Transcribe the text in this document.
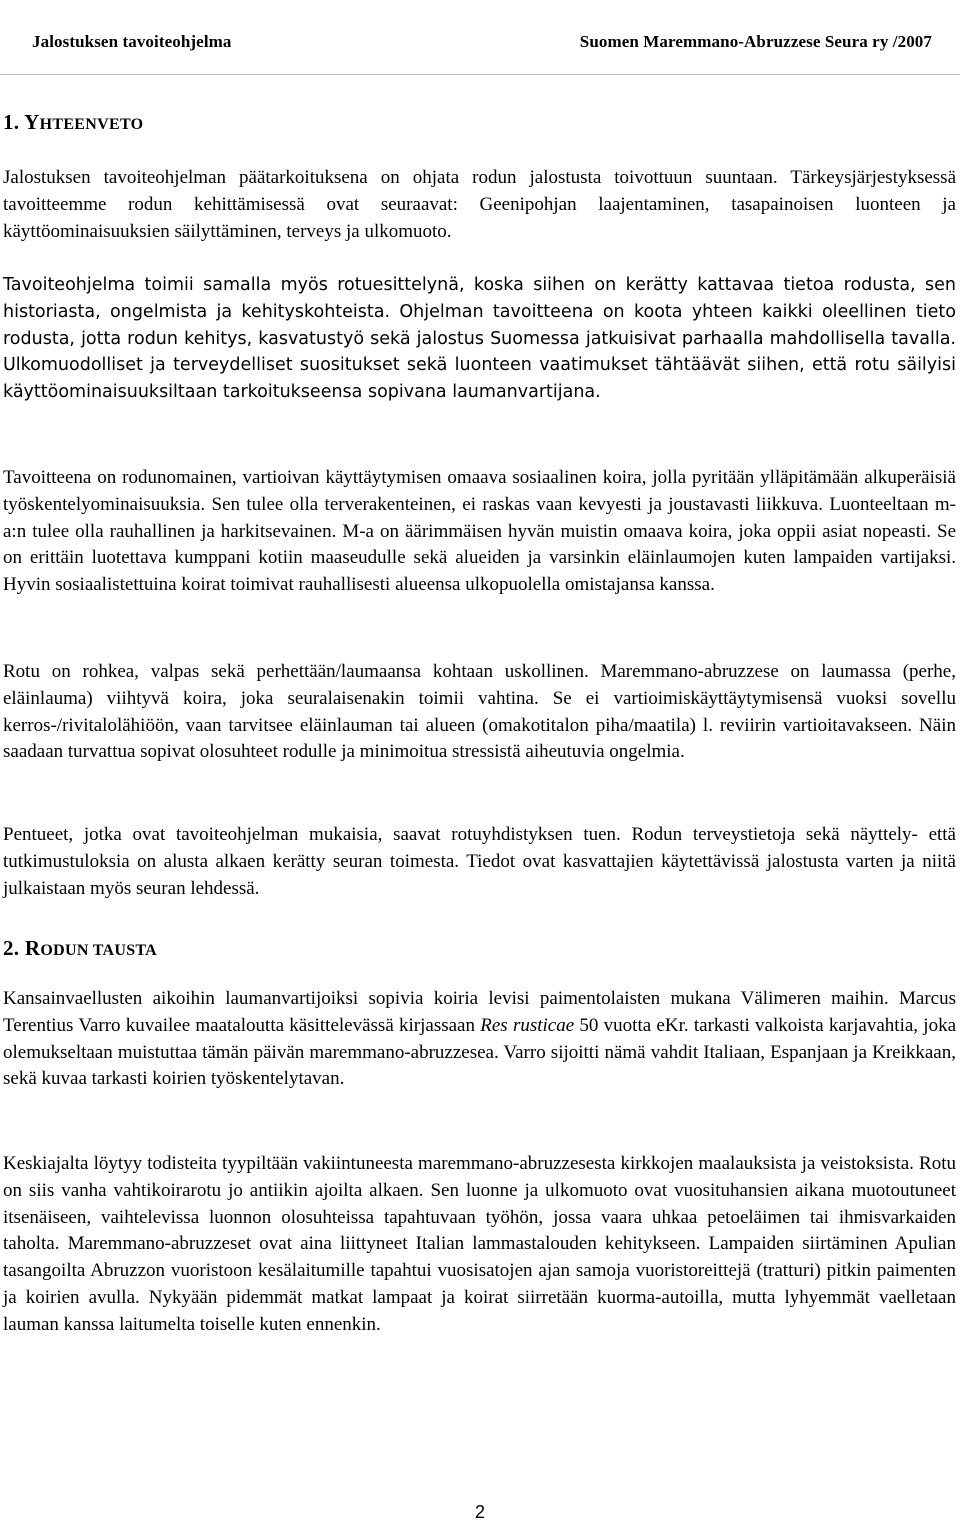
Jalostuksen tavoiteohjelma	Suomen Maremmano-Abruzzese Seura ry /2007
1. YHTEENVETO
Jalostuksen tavoiteohjelman päätarkoituksena on ohjata rodun jalostusta toivottuun suuntaan. Tärkeysjärjestyksessä tavoitteemme rodun kehittämisessä ovat seuraavat: Geenipohjan laajentaminen, tasapainoisen luonteen ja käyttöominaisuuksien säilyttäminen, terveys ja ulkomuoto.
Tavoiteohjelma toimii samalla myös rotuesittelynä, koska siihen on kerätty kattavaa tietoa rodusta, sen historiasta, ongelmista ja kehityskohteista. Ohjelman tavoitteena on koota yhteen kaikki oleellinen tieto rodusta, jotta rodun kehitys, kasvatustyö sekä jalostus Suomessa jatkuisivat parhaalla mahdollisella tavalla. Ulkomuodolliset ja terveydelliset suositukset sekä luonteen vaatimukset tähtäävät siihen, että rotu säilyisi käyttöominaisuuksiltaan tarkoitukseensa sopivana laumanvartijana.
Tavoitteena on rodunomainen, vartioivan käyttäytymisen omaava sosiaalinen koira, jolla pyritään ylläpitämään alkuperäisiä työskentelyominaisuuksia. Sen tulee olla terverakenteinen, ei raskas vaan kevyesti ja joustavasti liikkuva. Luonteeltaan m-a:n tulee olla rauhallinen ja harkitsevainen. M-a on äärimmäisen hyvän muistin omaava koira, joka oppii asiat nopeasti. Se on erittäin luotettava kumppani kotiin maaseudulle sekä alueiden ja varsinkin eläinlaumojen kuten lampaiden vartijaksi. Hyvin sosiaalistettuina koirat toimivat rauhallisesti alueensa ulkopuolella omistajansa kanssa.
Rotu on rohkea, valpas sekä perhettään/laumaansa kohtaan uskollinen. Maremmano-abruzzese on laumassa (perhe, eläinlauma) viihtyvä koira, joka seuralaisenakin toimii vahtina. Se ei vartioimiskäyttäytymisensä vuoksi sovellu kerros-/rivitalolähiöön, vaan tarvitsee eläinlauman tai alueen (omakotitalon piha/maatila) l. reviirin vartioitavakseen. Näin saadaan turvattua sopivat olosuhteet rodulle ja minimoitua stressistä aiheutuvia ongelmia.
Pentueet, jotka ovat tavoiteohjelman mukaisia, saavat rotuyhdistyksen tuen. Rodun terveystietoja sekä näyttely- että tutkimustuloksia on alusta alkaen kerätty seuran toimesta. Tiedot ovat kasvattajien käytettävissä jalostusta varten ja niitä julkaistaan myös seuran lehdessä.
2. RODUN TAUSTA
Kansainvaellusten aikoihin laumanvartijoiksi sopivia koiria levisi paimentolaisten mukana Välimeren maihin. Marcus Terentius Varro kuvailee maataloutta käsittelevässä kirjassaan Res rusticae 50 vuotta eKr. tarkasti valkoista karjavahtia, joka olemukseltaan muistuttaa tämän päivän maremmano-abruzzesea. Varro sijoitti nämä vahdit Italiaan, Espanjaan ja Kreikkaan, sekä kuvaa tarkasti koirien työskentelytavan.
Keskiajalta löytyy todisteita tyypiltään vakiintuneesta maremmano-abruzzesesta kirkkojen maalauksista ja veistoksista. Rotu on siis vanha vahtikoirarotu jo antiikin ajoilta alkaen. Sen luonne ja ulkomuoto ovat vuosituhansien aikana muotoutuneet itsenäiseen, vaihtelevissa luonnon olosuhteissa tapahtuvaan työhön, jossa vaara uhkaa petoeläimen tai ihmisvarkaiden taholta. Maremmano-abruzzeset ovat aina liittyneet Italian lammastalouden kehitykseen. Lampaiden siirtäminen Apulian tasangoilta Abruzzon vuoristoon kesälaitumille tapahtui vuosisatojen ajan samoja vuoristoreittejä (tratturi) pitkin paimenten ja koirien avulla. Nykyään pidemmät matkat lampaat ja koirat siirretään kuorma-autoilla, mutta lyhyemmät vaelletaan lauman kanssa laitumelta toiselle kuten ennenkin.
2
